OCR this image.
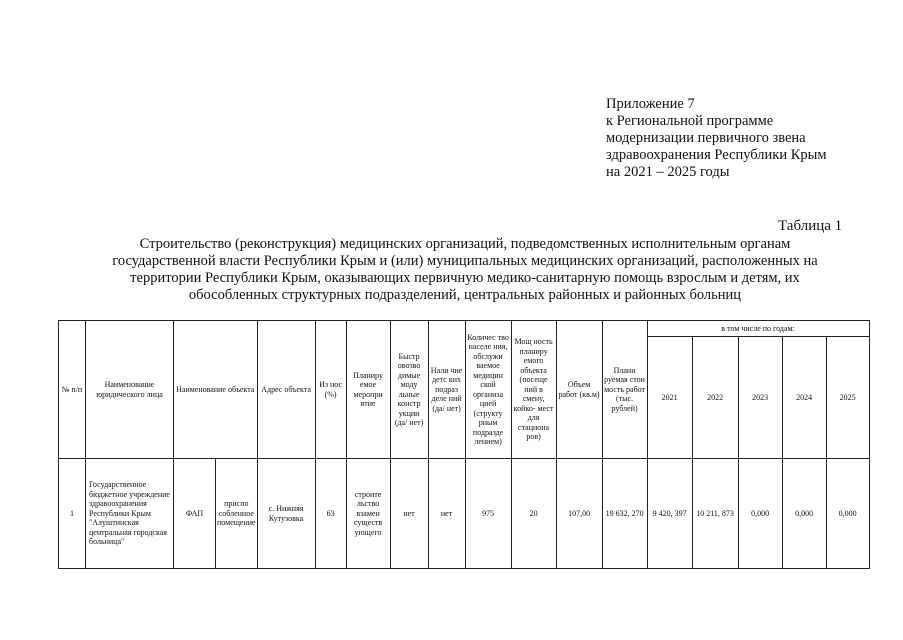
Приложение 7
к Региональной программе
модернизации первичного звена
здравоохранения Республики Крым
на 2021 – 2025 годы
Таблица 1
Строительство (реконструкция) медицинских организаций, подведомственных исполнительным органам
государственной власти Республики Крым и (или) муниципальных медицинских организаций, расположенных на
территории Республики Крым, оказывающих первичную медико-санитарную помощь взрослым и детям, их
обособленных структурных подразделений, центральных районных и районных больниц
№ п/п	Наименование юридического лица	Наименование объекта		Адрес объекта	Из нос (%)	Планиру емое меропри ятие	Быстр овозво димые моду льные констр укции (да/ нет)	Нали чие детс ких подраз деле ний (да/ нет)	Количес тво населе ния, обслужи ваемое медицин ской организа цией (структу рным подразде лением)	Мощ ность планиру емого объекта (посеще ний в смену, койко- мест для стациона ров)	Объем работ (кв.м)	Плани руемая стои мость работ (тыс. рублей)	в том числе по годам:				
													2021	2022	2023	2024	2025
1	Государственное бюджетное учреждение здравоохранения Республики Крым "Алуштинская центральная городская больница"	ФАП	приспо собленное помещение	с. Нижняя Кутузовка	63	строите льство взамен существ ующего	нет	нет	975	20	107,00	19 632, 270	9 420, 397	10 211, 873	0,000	0,000	0,000
